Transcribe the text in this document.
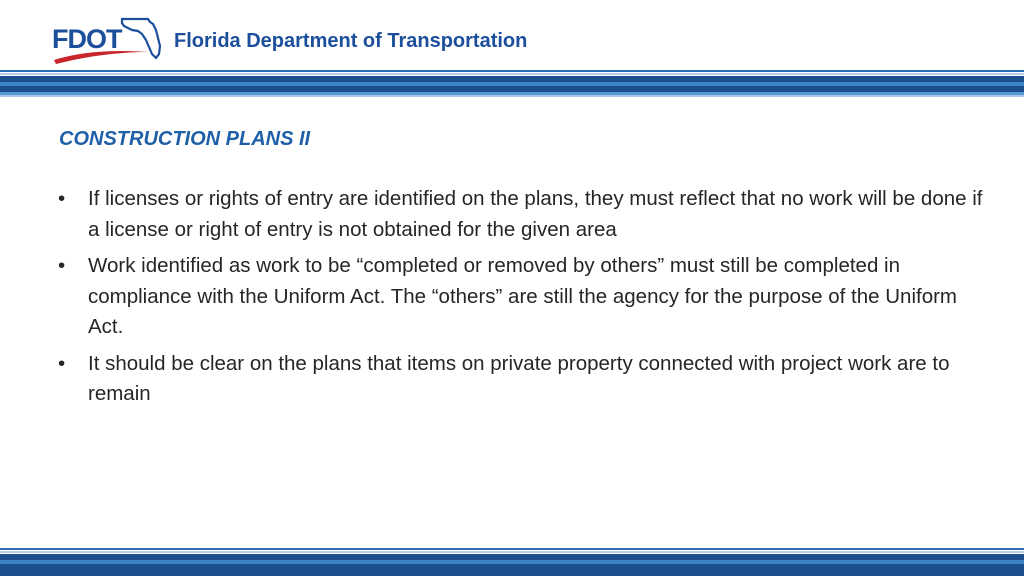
FDOT	Florida Department of Transportation
CONSTRUCTION PLANS II
•	If licenses or rights of entry are identified on the plans, they must reflect that no work will be done if a license or right of entry is not obtained for the given area
•	Work identified as work to be “completed or removed by others” must still be completed in compliance with the Uniform Act. The “others” are still the agency for the purpose of the Uniform Act.
•	It should be clear on the plans that items on private property connected with project work are to remain
